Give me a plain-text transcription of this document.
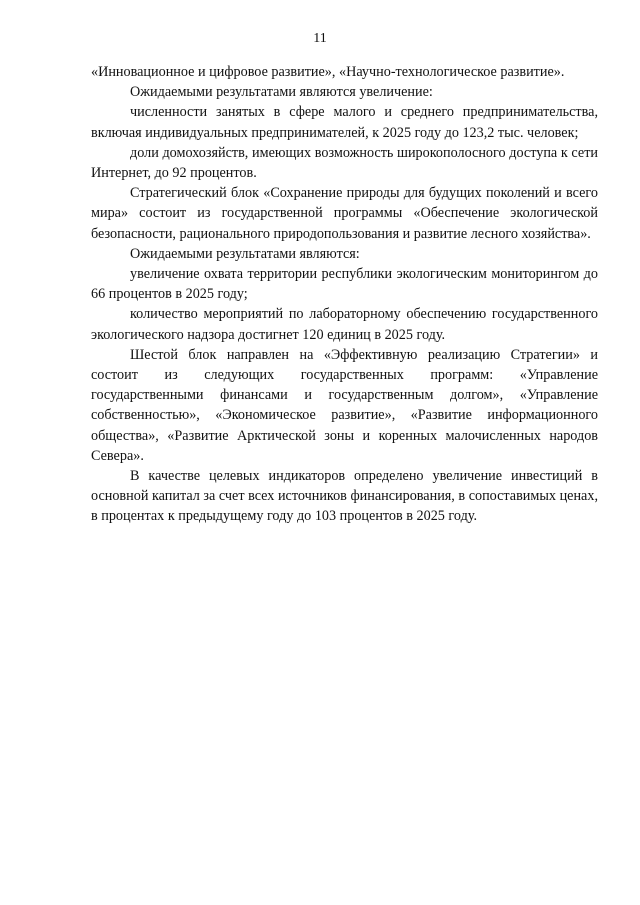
11

«Инновационное и цифровое развитие», «Научно-технологическое развитие».

Ожидаемыми результатами являются увеличение:

численности занятых в сфере малого и среднего предпринимательства, включая индивидуальных предпринимателей, к 2025 году до 123,2 тыс. человек;

доли домохозяйств, имеющих возможность широкополосного доступа к сети Интернет, до 92 процентов.

Стратегический блок «Сохранение природы для будущих поколений и всего мира» состоит из государственной программы «Обеспечение экологической безопасности, рационального природопользования и развитие лесного хозяйства».

Ожидаемыми результатами являются:

увеличение охвата территории республики экологическим мониторингом до 66 процентов в 2025 году;

количество мероприятий по лабораторному обеспечению государственного экологического надзора достигнет 120 единиц в 2025 году.

Шестой блок направлен на «Эффективную реализацию Стратегии» и состоит из следующих государственных программ: «Управление государственными финансами и государственным долгом», «Управление собственностью», «Экономическое развитие», «Развитие информационного общества», «Развитие Арктической зоны и коренных малочисленных народов Севера».

В качестве целевых индикаторов определено увеличение инвестиций в основной капитал за счет всех источников финансирования, в сопоставимых ценах, в процентах к предыдущему году до 103 процентов в 2025 году.
